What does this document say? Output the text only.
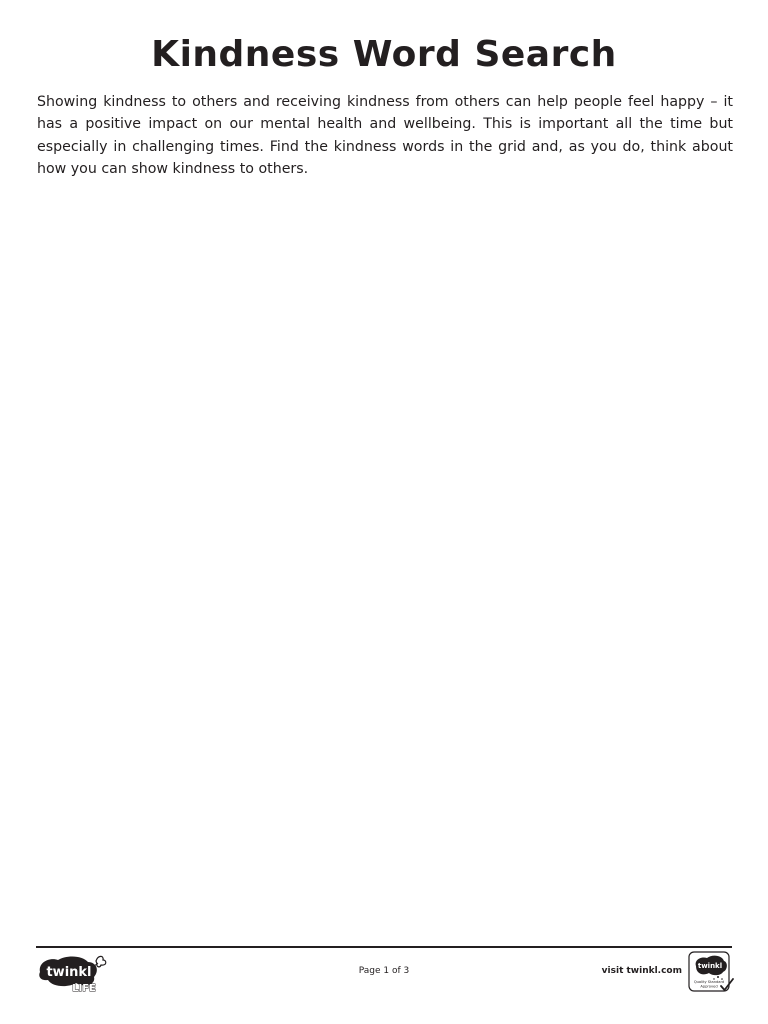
Kindness Word Search

Showing kindness to others and receiving kindness from others can help people feel happy – it has a positive impact on our mental health and wellbeing. This is important all the time but especially in challenging times. Find the kindness words in the grid and, as you do, think about how you can show kindness to others.

twinkl
LIFE
Page 1 of 3	visit twinkl.com twinkl
Quality Standard
Approved
